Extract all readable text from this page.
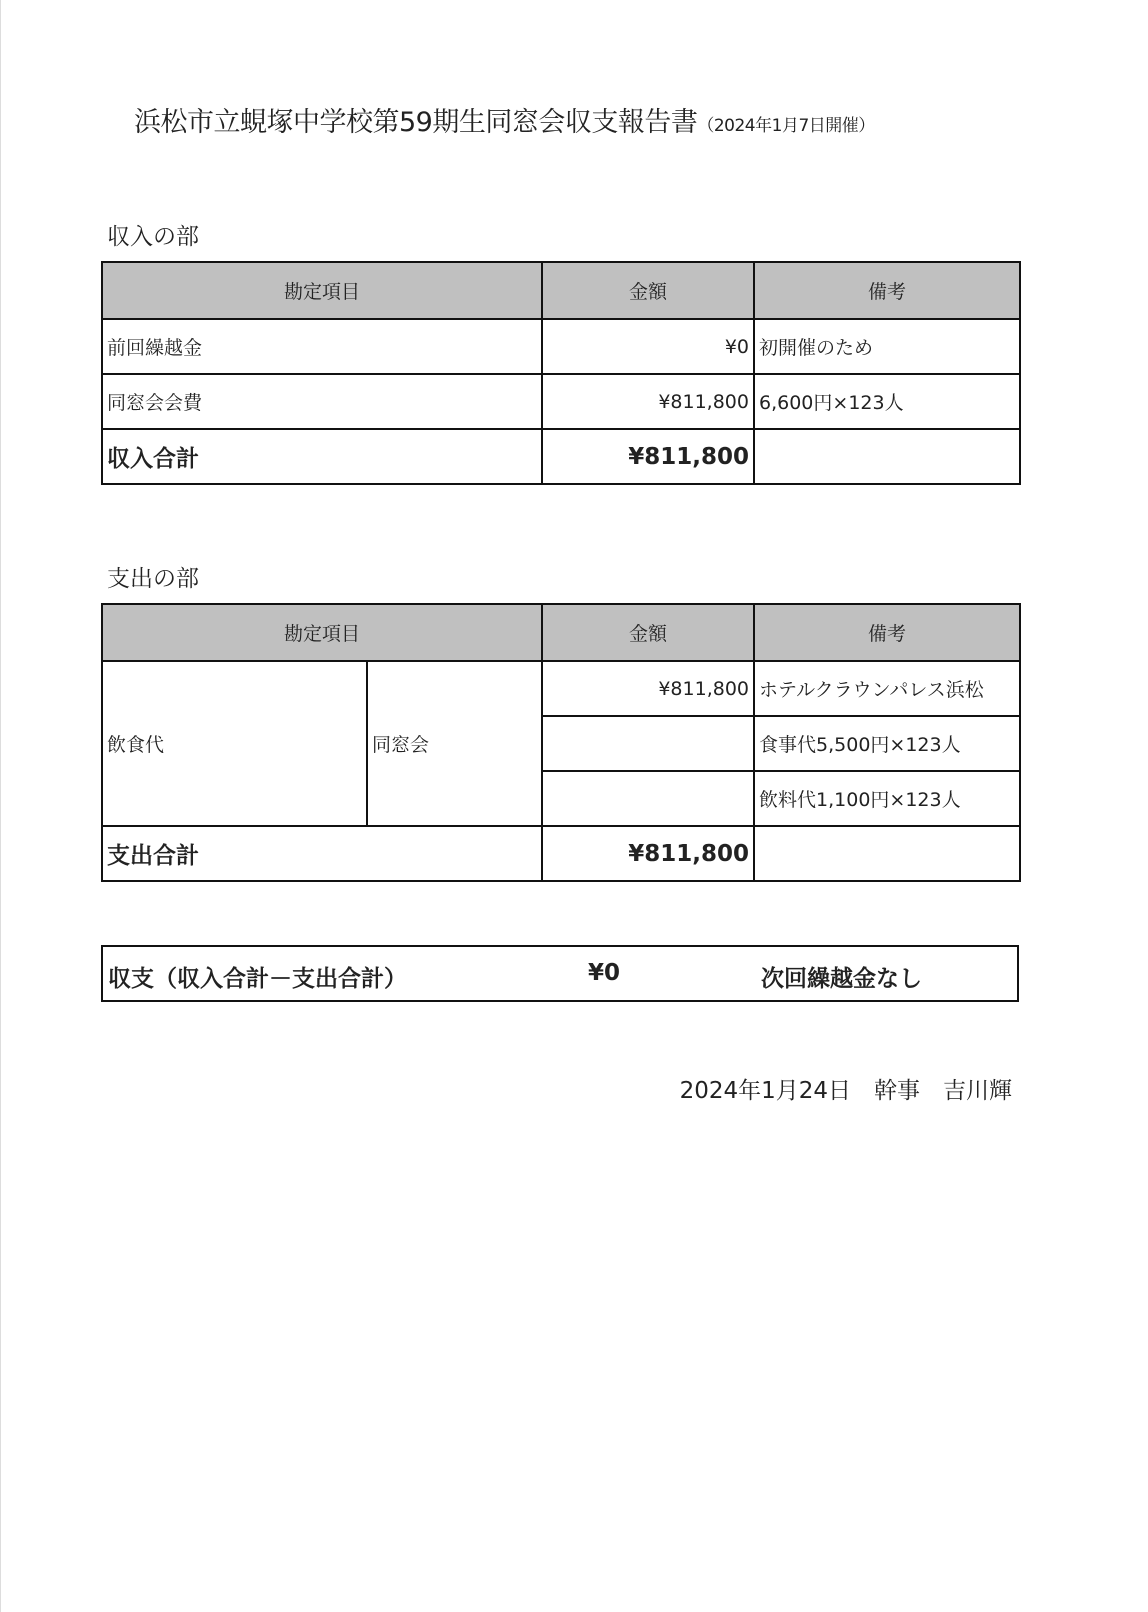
浜松市立蜆塚中学校第59期生同窓会収支報告書（2024年1月7日開催）
収入の部
勘定項目	金額	備考
前回繰越金	¥0	初開催のため
同窓会会費	¥811,800	6,600円×123人
収入合計	¥811,800	
支出の部
勘定項目		金額	備考
飲食代	同窓会	¥811,800	ホテルクラウンパレス浜松
			食事代5,500円×123人
			飲料代1,100円×123人
支出合計		¥811,800	
収支（収入合計－支出合計）	¥0	次回繰越金なし
2024年1月24日　 幹事　 吉川輝
